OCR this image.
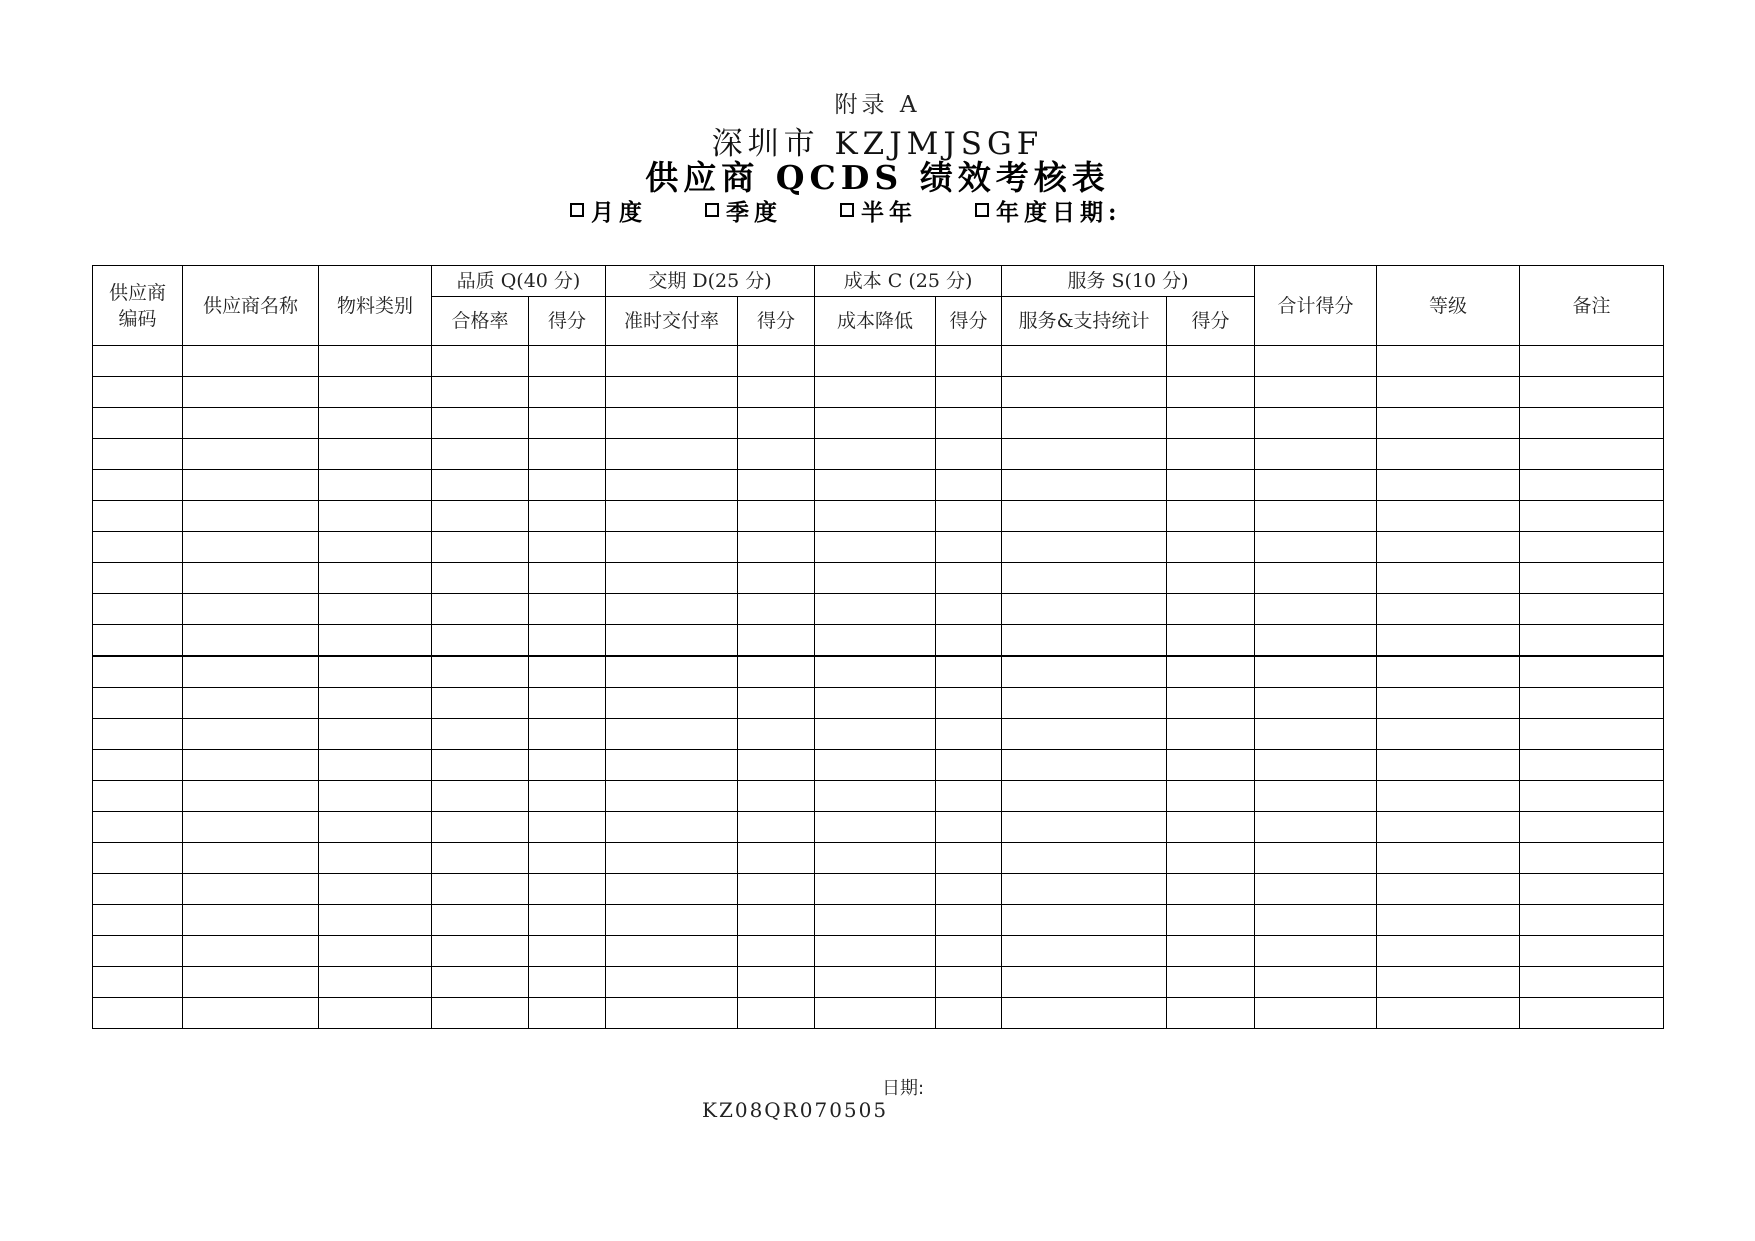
附录 A
深圳市 KZJMJSGF
供应商 QCDS 绩效考核表
月度	季度	半年	年度日期:
供应商编码	供应商名称	物料类别	品质 Q(40 分)		交期 D(25 分)		成本 C (25 分)		服务 S(10 分)		合计得分	等级	备注
			合格率	得分	准时交付率	得分	成本降低	得分	服务&支持统计	得分			

日期:
KZ08QR070505
